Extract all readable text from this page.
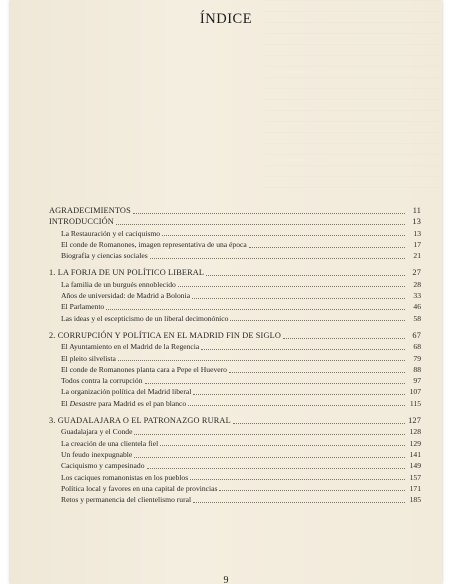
ÍNDICE
AGRADECIMIENTOS	11
INTRODUCCIÓN	13
La Restauración y el caciquismo	13
El conde de Romanones, imagen representativa de una época	17
Biografía y ciencias sociales	21
1. LA FORJA DE UN POLÍTICO LIBERAL	27
La familia de un burgués ennoblecido	28
Años de universidad: de Madrid a Bolonia	33
El Parlamento	46
Las ideas y el escepticismo de un liberal decimonónico	58
2. CORRUPCIÓN Y POLÍTICA EN EL MADRID FIN DE SIGLO	67
El Ayuntamiento en el Madrid de la Regencia	68
El pleito silvelista	79
El conde de Romanones planta cara a Pepe el Huevero	88
Todos contra la corrupción	97
La organización política del Madrid liberal	107
El Desastre para Madrid es el pan blanco	115
3. GUADALAJARA O EL PATRONAZGO RURAL	127
Guadalajara y el Conde	128
La creación de una clientela fiel	129
Un feudo inexpugnable	141
Caciquismo y campesinado	149
Los caciques romanonistas en los pueblos	157
Política local y favores en una capital de provincias	171
Retos y permanencia del clientelismo rural	185
9
